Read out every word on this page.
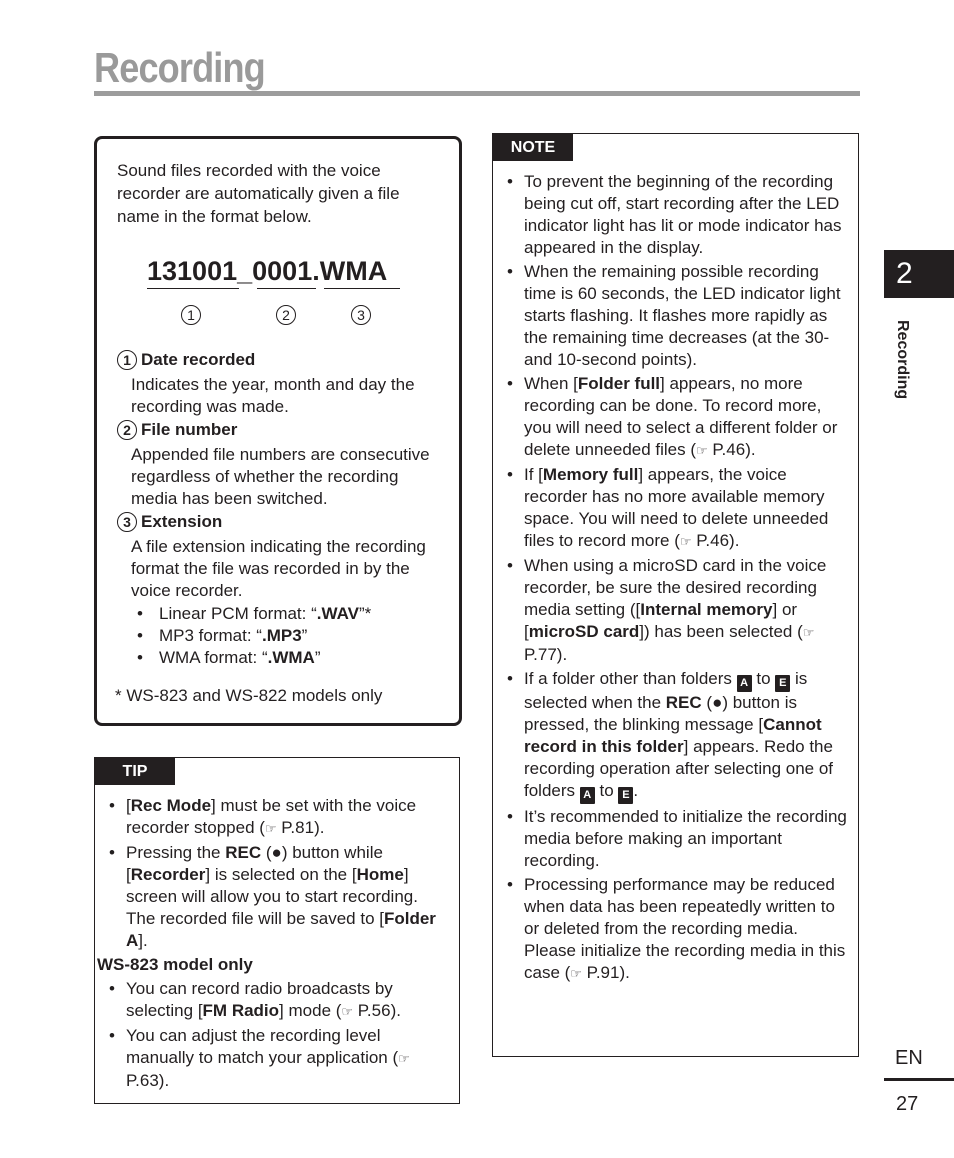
Recording
Sound files recorded with the voice recorder are automatically given a file name in the format below.
131001_0001.WMA
1	2	3
1 Date recorded
Indicates the year, month and day the recording was made.
2 File number
Appended file numbers are consecutive regardless of whether the recording media has been switched.
3 Extension
A file extension indicating the recording format the file was recorded in by the voice recorder.
• Linear PCM format: “.WAV”*
• MP3 format: “.MP3”
• WMA format: “.WMA”
* WS-823 and WS-822 models only
TIP
• [Rec Mode] must be set with the voice recorder stopped (☞ P.81).
• Pressing the REC (●) button while [Recorder] is selected on the [Home] screen will allow you to start recording. The recorded file will be saved to [Folder A].
WS-823 model only
• You can record radio broadcasts by selecting [FM Radio] mode (☞ P.56).
• You can adjust the recording level manually to match your application (☞ P.63).
NOTE
• To prevent the beginning of the recording being cut off, start recording after the LED indicator light has lit or mode indicator has appeared in the display.
• When the remaining possible recording time is 60 seconds, the LED indicator light starts flashing. It flashes more rapidly as the remaining time decreases (at the 30- and 10-second points).
• When [Folder full] appears, no more recording can be done. To record more, you will need to select a different folder or delete unneeded files (☞ P.46).
• If [Memory full] appears, the voice recorder has no more available memory space. You will need to delete unneeded files to record more (☞ P.46).
• When using a microSD card in the voice recorder, be sure the desired recording media setting ([Internal memory] or [microSD card]) has been selected (☞ P.77).
• If a folder other than folders A to E is selected when the REC (●) button is pressed, the blinking message [Cannot record in this folder] appears. Redo the recording operation after selecting one of folders A to E .
• It’s recommended to initialize the recording media before making an important recording.
• Processing performance may be reduced when data has been repeatedly written to or deleted from the recording media. Please initialize the recording media in this case (☞ P.91).
2
Recording
EN
27
